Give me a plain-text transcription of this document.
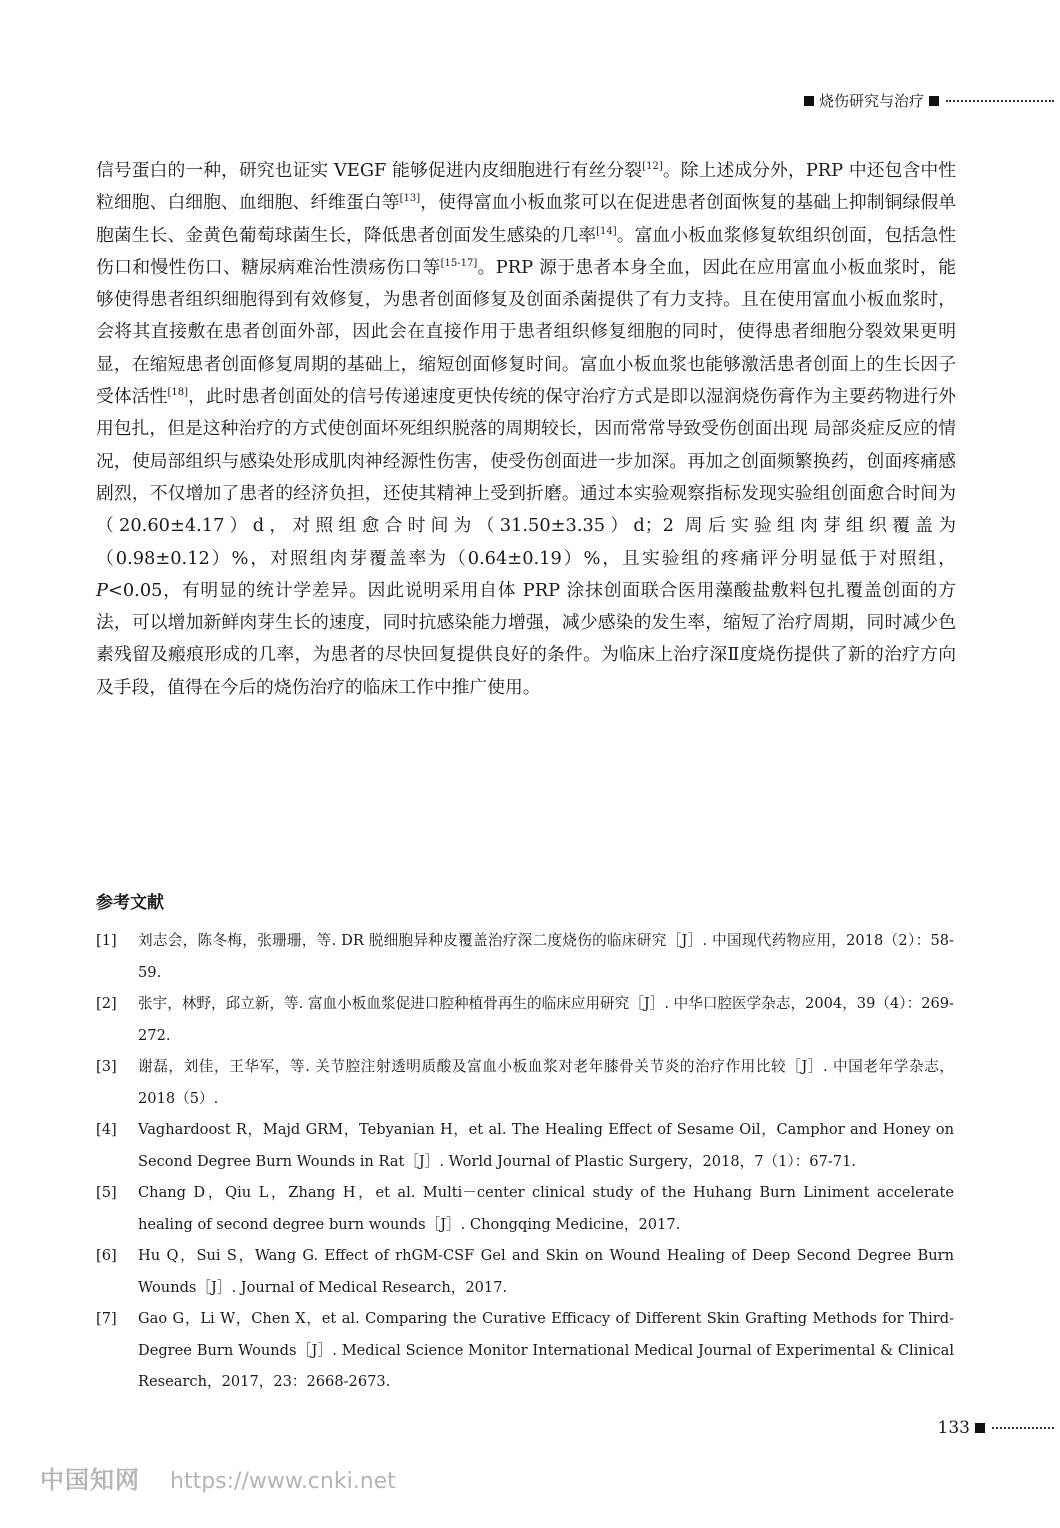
烧伤研究与治疗
信号蛋白的一种，研究也证实 VEGF 能够促进内皮细胞进行有丝分裂[12]。除上述成分外，PRP 中还包含中性粒细胞、白细胞、血细胞、纤维蛋白等[13]，使得富血小板血浆可以在促进患者创面恢复的基础上抑制铜绿假单胞菌生长、金黄色葡萄球菌生长，降低患者创面发生感染的几率[14]。富血小板血浆修复软组织创面，包括急性伤口和慢性伤口、糖尿病难治性溃疡伤口等[15-17]。PRP 源于患者本身全血，因此在应用富血小板血浆时，能够使得患者组织细胞得到有效修复，为患者创面修复及创面杀菌提供了有力支持。且在使用富血小板血浆时，会将其直接敷在患者创面外部，因此会在直接作用于患者组织修复细胞的同时，使得患者细胞分裂效果更明显，在缩短患者创面修复周期的基础上，缩短创面修复时间。富血小板血浆也能够激活患者创面上的生长因子受体活性[18]，此时患者创面处的信号传递速度更快传统的保守治疗方式是即以湿润烧伤膏作为主要药物进行外用包扎，但是这种治疗的方式使创面坏死组织脱落的周期较长，因而常常导致受伤创面出现 局部炎症反应的情况，使局部组织与感染处形成肌肉神经源性伤害，使受伤创面进一步加深。再加之创面频繁换药，创面疼痛感剧烈，不仅增加了患者的经济负担，还使其精神上受到折磨。通过本实验观察指标发现实验组创面愈合时间为（20.60±4.17）d，对照组愈合时间为（31.50±3.35）d；2 周后实验组肉芽组织覆盖为（0.98±0.12）%，对照组肉芽覆盖率为（0.64±0.19）%，且实验组的疼痛评分明显低于对照组，P<0.05，有明显的统计学差异。因此说明采用自体 PRP 涂抹创面联合医用藻酸盐敷料包扎覆盖创面的方法，可以增加新鲜肉芽生长的速度，同时抗感染能力增强，减少感染的发生率，缩短了治疗周期，同时减少色素残留及瘢痕形成的几率，为患者的尽快回复提供良好的条件。为临床上治疗深Ⅱ度烧伤提供了新的治疗方向及手段，值得在今后的烧伤治疗的临床工作中推广使用。
参考文献
[1] 刘志会，陈冬梅，张珊珊，等. DR 脱细胞异种皮覆盖治疗深二度烧伤的临床研究［J］. 中国现代药物应用，2018（2）：58-59.
[2] 张宇，林野，邱立新，等. 富血小板血浆促进口腔种植骨再生的临床应用研究［J］. 中华口腔医学杂志，2004，39（4）：269-272.
[3] 谢磊，刘佳，王华军，等. 关节腔注射透明质酸及富血小板血浆对老年膝骨关节炎的治疗作用比较［J］. 中国老年学杂志，2018（5）.
[4] Vaghardoost R，Majd GRM，Tebyanian H，et al. The Healing Effect of Sesame Oil，Camphor and Honey on Second Degree Burn Wounds in Rat［J］. World Journal of Plastic Surgery，2018，7（1）：67-71.
[5] Chang D，Qiu L，Zhang H，et al. Multi－center clinical study of the Huhang Burn Liniment accelerate healing of second degree burn wounds［J］. Chongqing Medicine，2017.
[6] Hu Q，Sui S，Wang G. Effect of rhGM-CSF Gel and Skin on Wound Healing of Deep Second Degree Burn Wounds［J］. Journal of Medical Research，2017.
[7] Gao G，Li W，Chen X，et al. Comparing the Curative Efficacy of Different Skin Grafting Methods for Third-Degree Burn Wounds［J］. Medical Science Monitor International Medical Journal of Experimental & Clinical Research，2017，23：2668-2673.
133
中国知网 https://www.cnki.net
